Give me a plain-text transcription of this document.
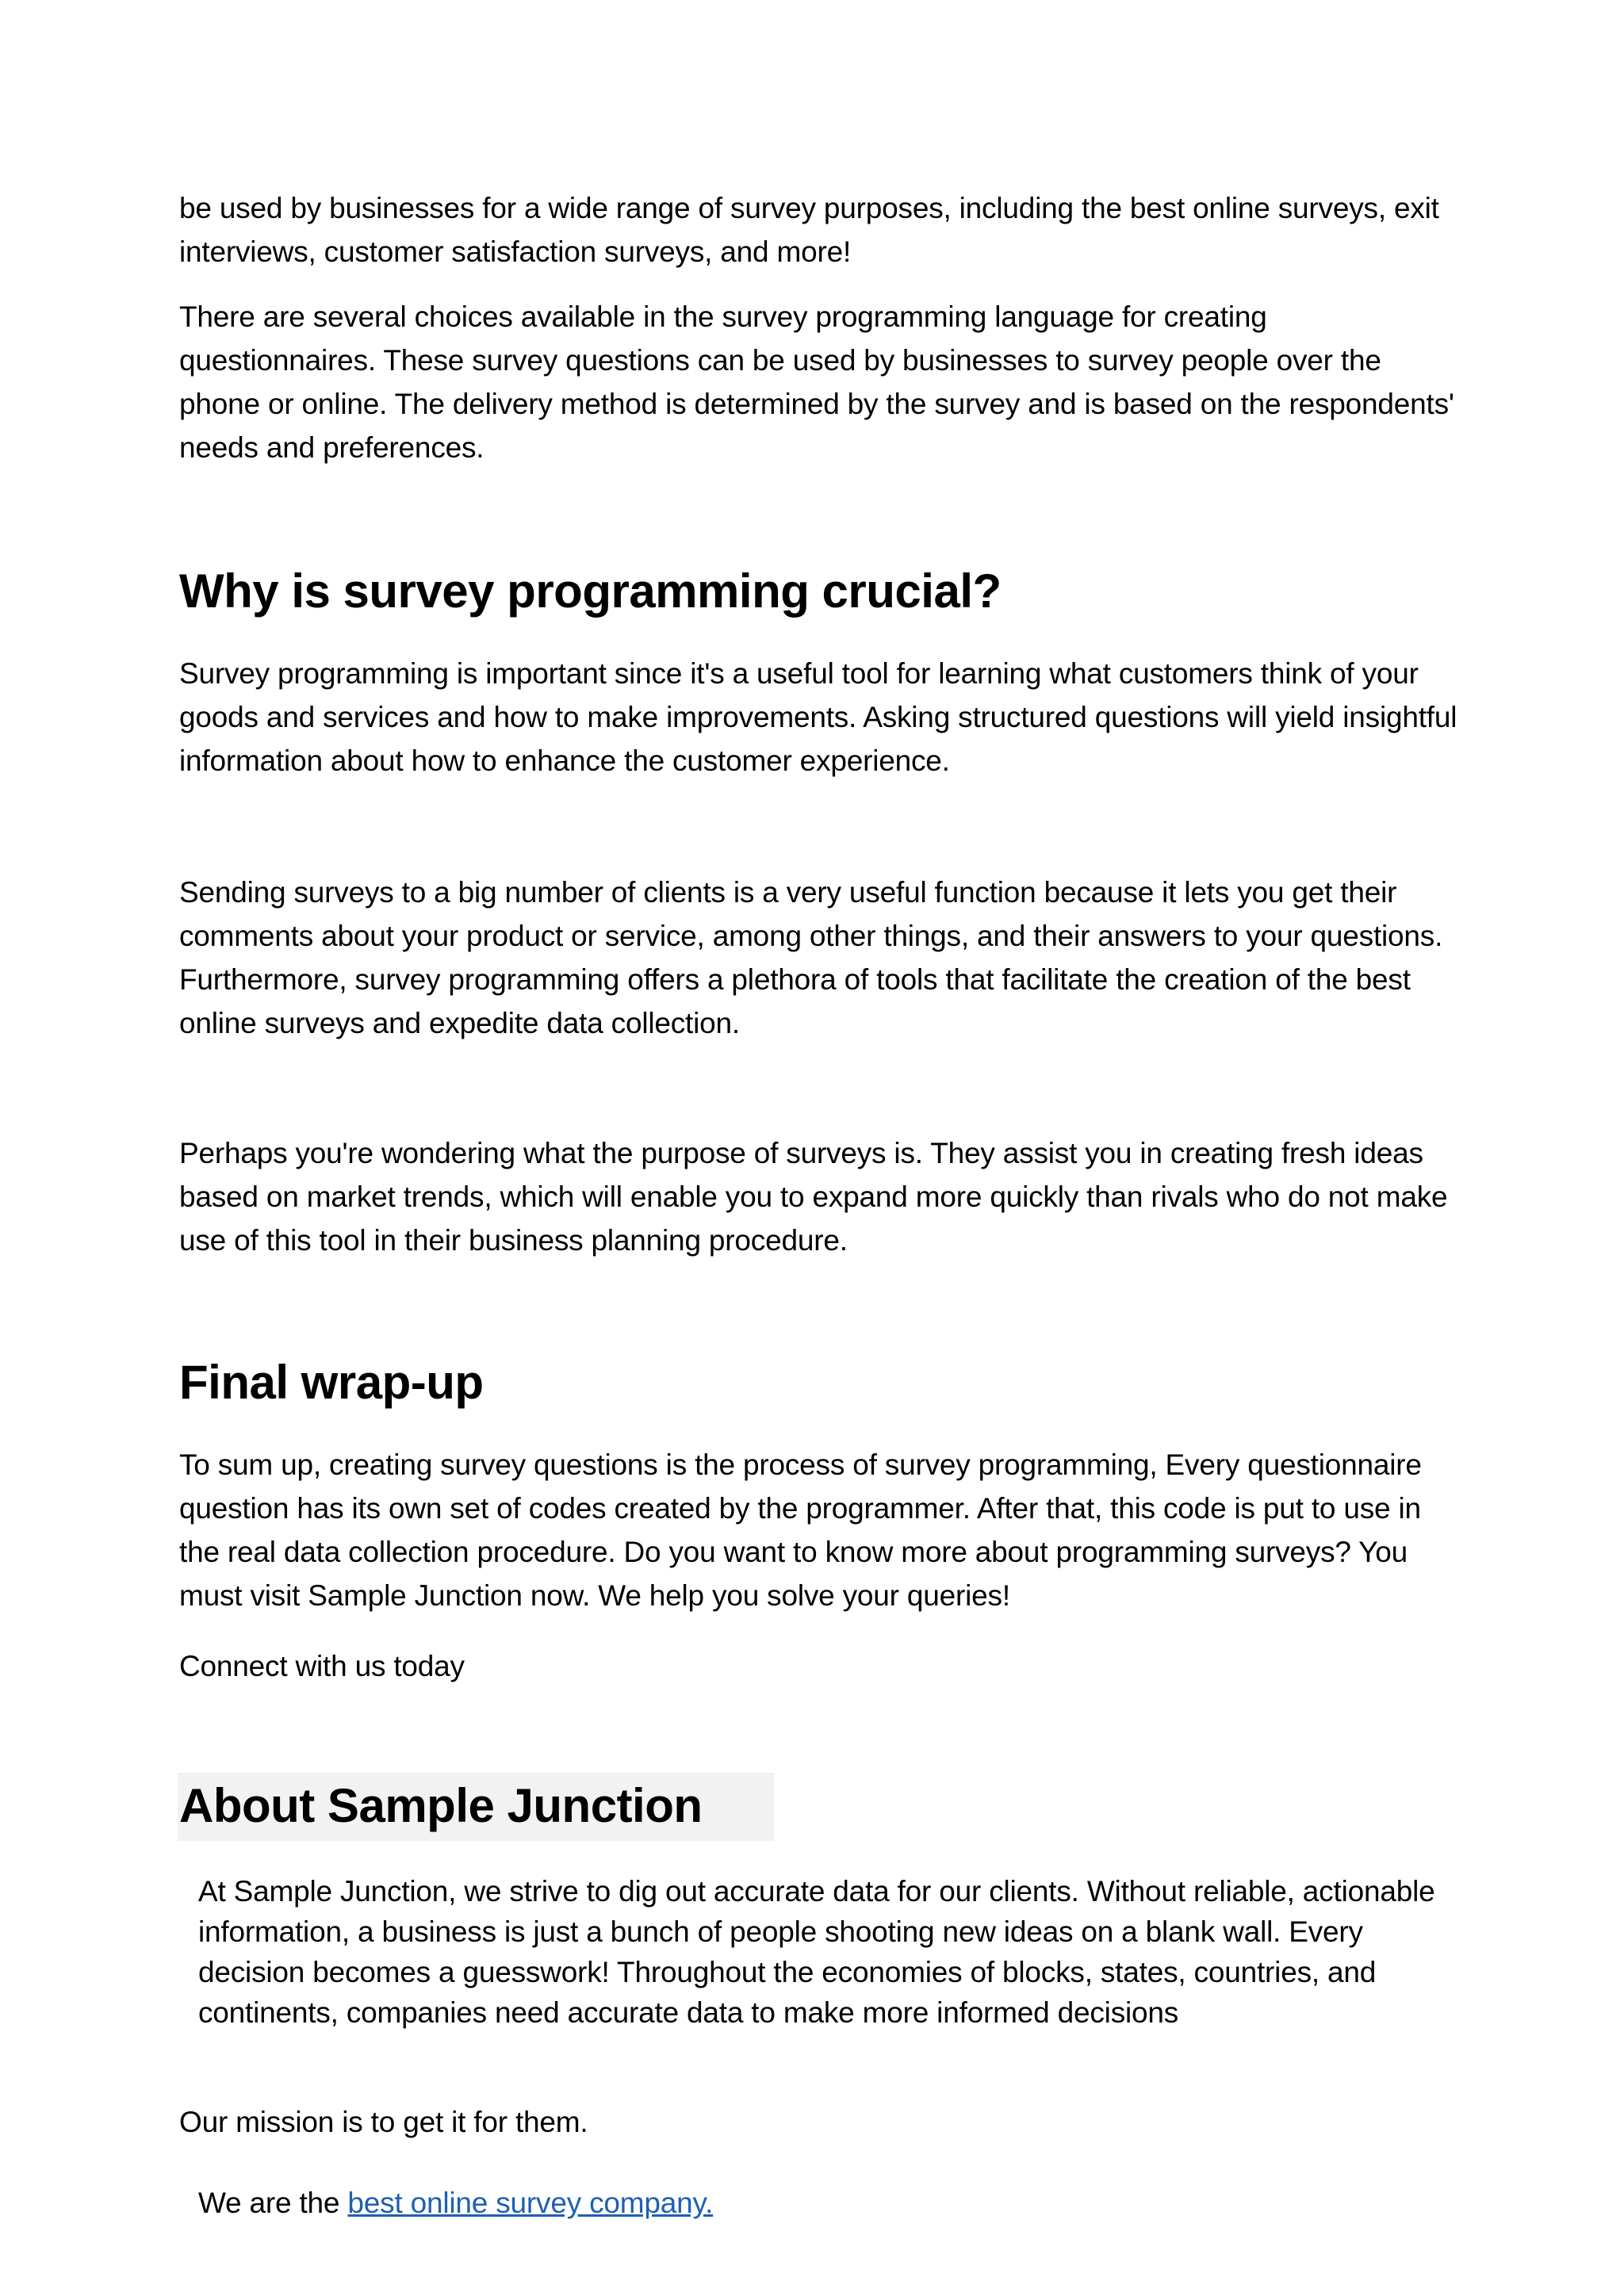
be used by businesses for a wide range of survey purposes, including the best online surveys, exit interviews, customer satisfaction surveys, and more!

There are several choices available in the survey programming language for creating questionnaires. These survey questions can be used by businesses to survey people over the phone or online. The delivery method is determined by the survey and is based on the respondents' needs and preferences.

Why is survey programming crucial?

Survey programming is important since it's a useful tool for learning what customers think of your goods and services and how to make improvements. Asking structured questions will yield insightful information about how to enhance the customer experience.

Sending surveys to a big number of clients is a very useful function because it lets you get their comments about your product or service, among other things, and their answers to your questions. Furthermore, survey programming offers a plethora of tools that facilitate the creation of the best online surveys and expedite data collection.

Perhaps you're wondering what the purpose of surveys is. They assist you in creating fresh ideas based on market trends, which will enable you to expand more quickly than rivals who do not make use of this tool in their business planning procedure.

Final wrap-up

To sum up, creating survey questions is the process of survey programming, Every questionnaire question has its own set of codes created by the programmer. After that, this code is put to use in the real data collection procedure. Do you want to know more about programming surveys? You must visit Sample Junction now. We help you solve your queries!

Connect with us today

About Sample Junction

At Sample Junction, we strive to dig out accurate data for our clients. Without reliable, actionable information, a business is just a bunch of people shooting new ideas on a blank wall. Every decision becomes a guesswork! Throughout the economies of blocks, states, countries, and continents, companies need accurate data to make more informed decisions

Our mission is to get it for them.

We are the best online survey company.
